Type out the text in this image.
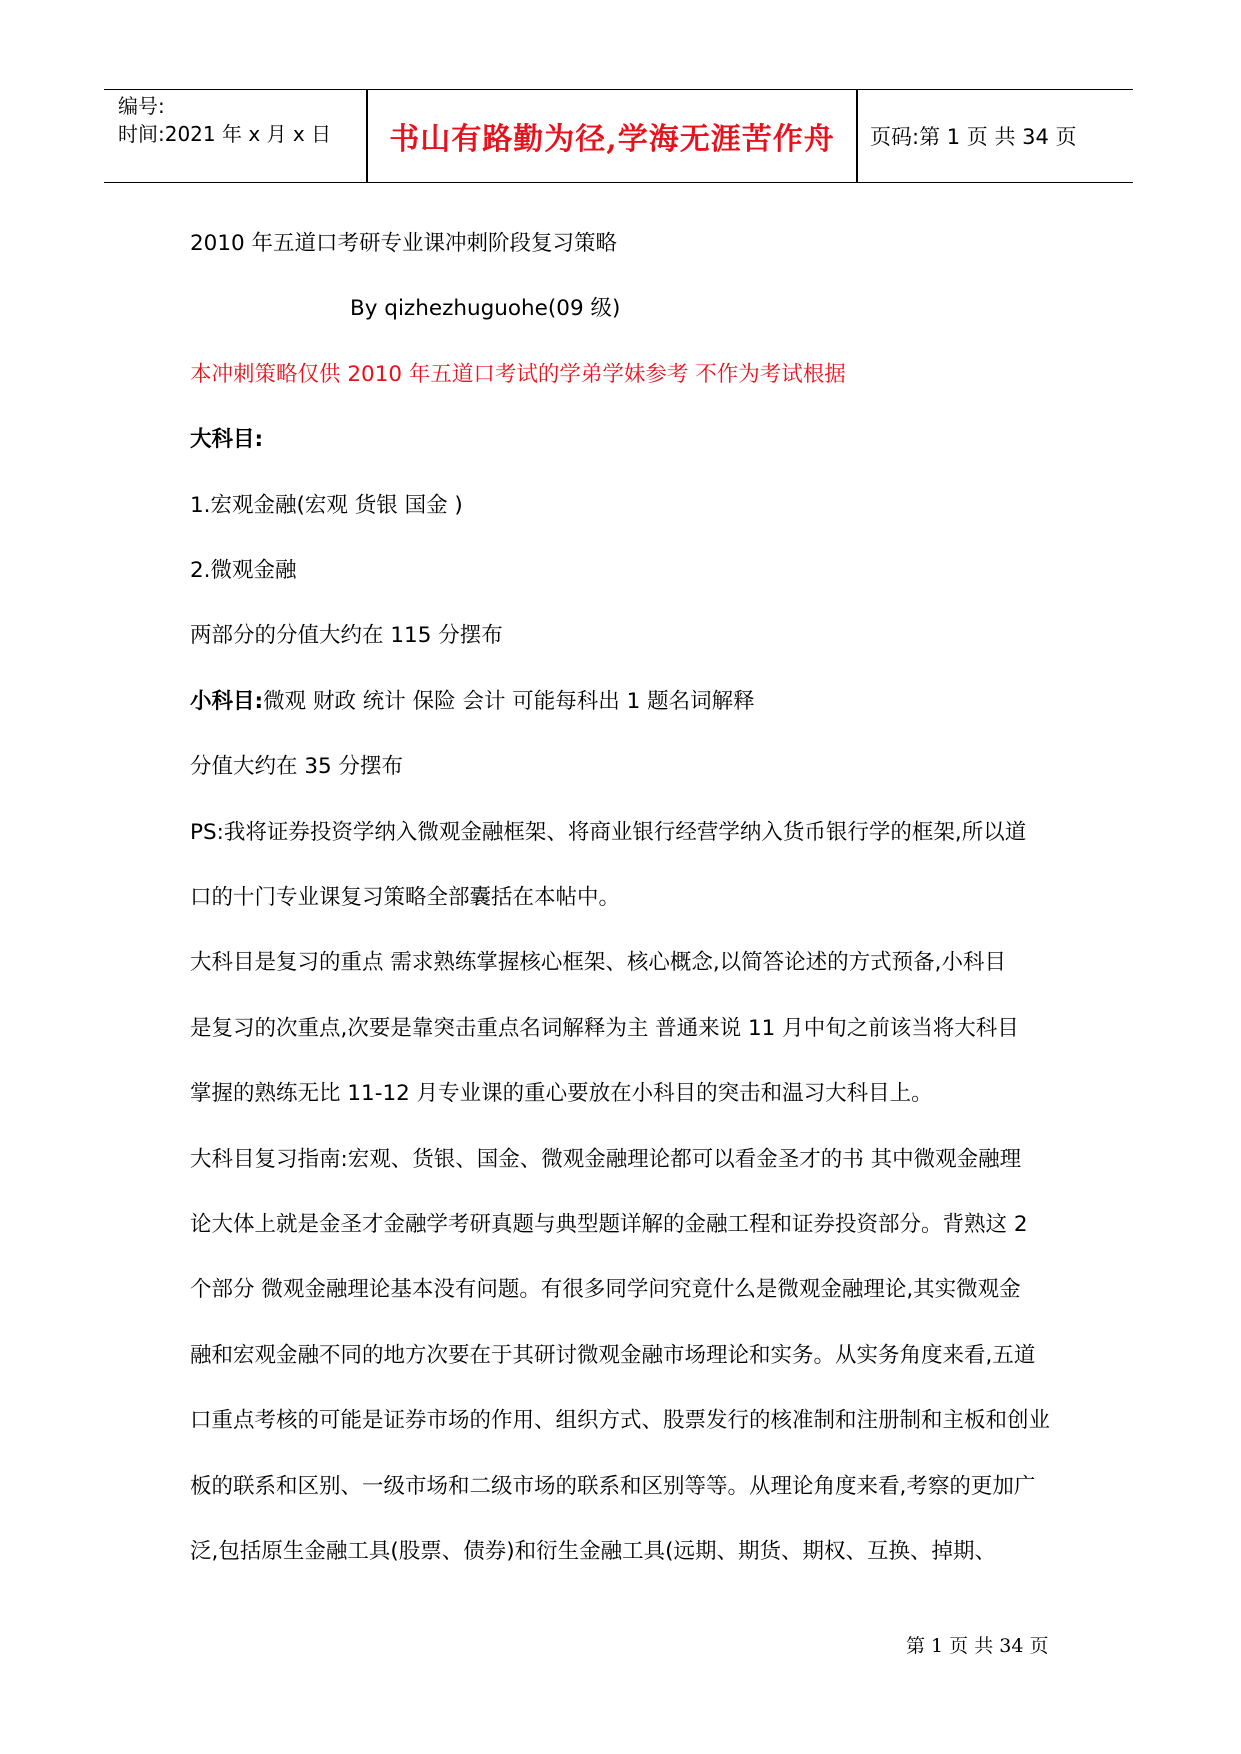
编号:
时间:2021 年 x 月 x 日	书山有路勤为径,学海无涯苦作舟	页码:第 1 页 共 34 页
2010 年五道口考研专业课冲刺阶段复习策略
By qizhezhuguohe(09 级)
本冲刺策略仅供 2010 年五道口考试的学弟学妹参考 不作为考试根据
大科目:
1.宏观金融(宏观 货银 国金 )
2.微观金融
两部分的分值大约在 115 分摆布
小科目:微观 财政 统计 保险 会计 可能每科出 1 题名词解释
分值大约在 35 分摆布
PS:我将证券投资学纳入微观金融框架、将商业银行经营学纳入货币银行学的框架,所以道
口的十门专业课复习策略全部囊括在本帖中。
大科目是复习的重点 需求熟练掌握核心框架、核心概念,以简答论述的方式预备,小科目
是复习的次重点,次要是靠突击重点名词解释为主 普通来说 11 月中旬之前该当将大科目
掌握的熟练无比 11-12 月专业课的重心要放在小科目的突击和温习大科目上。
大科目复习指南:宏观、货银、国金、微观金融理论都可以看金圣才的书 其中微观金融理
论大体上就是金圣才金融学考研真题与典型题详解的金融工程和证券投资部分。背熟这 2
个部分 微观金融理论基本没有问题。有很多同学问究竟什么是微观金融理论,其实微观金
融和宏观金融不同的地方次要在于其研讨微观金融市场理论和实务。从实务角度来看,五道
口重点考核的可能是证券市场的作用、组织方式、股票发行的核准制和注册制和主板和创业
板的联系和区别、一级市场和二级市场的联系和区别等等。从理论角度来看,考察的更加广
泛,包括原生金融工具(股票、债券)和衍生金融工具(远期、期货、期权、互换、掉期、
第 1 页 共 34 页
